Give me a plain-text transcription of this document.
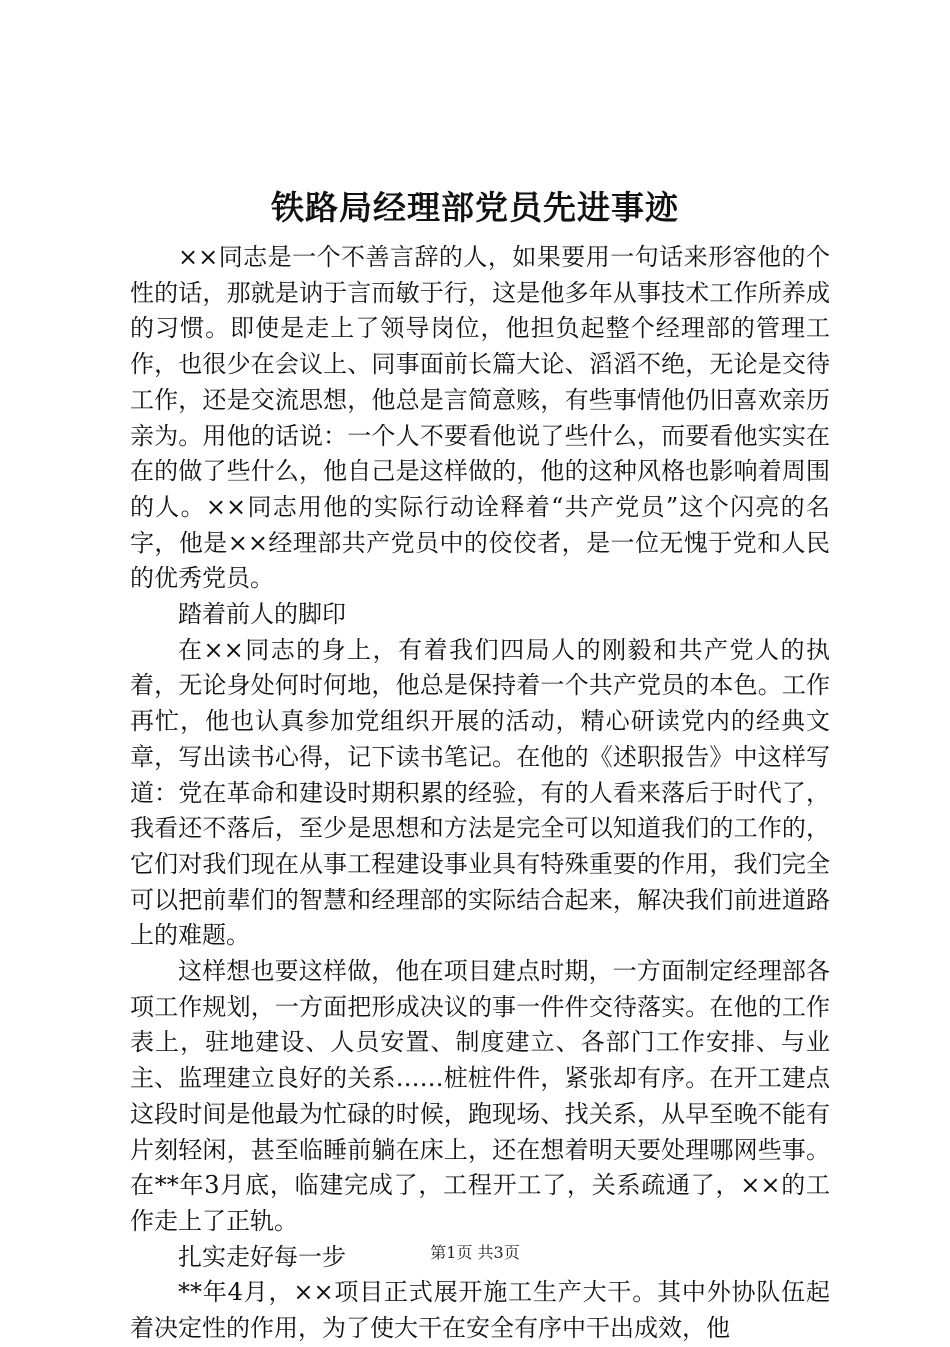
铁路局经理部党员先进事迹

××同志是一个不善言辞的人，如果要用一句话来形容他的个性的话，那就是讷于言而敏于行，这是他多年从事技术工作所养成的习惯。即使是走上了领导岗位，他担负起整个经理部的管理工作，也很少在会议上、同事面前长篇大论、滔滔不绝，无论是交待工作，还是交流思想，他总是言简意赅，有些事情他仍旧喜欢亲历亲为。用他的话说：一个人不要看他说了些什么，而要看他实实在在的做了些什么，他自己是这样做的，他的这种风格也影响着周围的人。××同志用他的实际行动诠释着“共产党员”这个闪亮的名字，他是××经理部共产党员中的佼佼者，是一位无愧于党和人民的优秀党员。

踏着前人的脚印

在××同志的身上，有着我们四局人的刚毅和共产党人的执着，无论身处何时何地，他总是保持着一个共产党员的本色。工作再忙，他也认真参加党组织开展的活动，精心研读党内的经典文章，写出读书心得，记下读书笔记。在他的《述职报告》中这样写道：党在革命和建设时期积累的经验，有的人看来落后于时代了，我看还不落后，至少是思想和方法是完全可以知道我们的工作的，它们对我们现在从事工程建设事业具有特殊重要的作用，我们完全可以把前辈们的智慧和经理部的实际结合起来，解决我们前进道路上的难题。

这样想也要这样做，他在项目建点时期，一方面制定经理部各项工作规划，一方面把形成决议的事一件件交待落实。在他的工作表上，驻地建设、人员安置、制度建立、各部门工作安排、与业主、监理建立良好的关系……桩桩件件，紧张却有序。在开工建点这段时间是他最为忙碌的时候，跑现场、找关系，从早至晚不能有片刻轻闲，甚至临睡前躺在床上，还在想着明天要处理哪网些事。在**年3月底，临建完成了，工程开工了，关系疏通了，××的工作走上了正轨。

扎实走好每一步

**年4月，××项目正式展开施工生产大干。其中外协队伍起着决定性的作用，为了使大干在安全有序中干出成效，他

第1页 共3页
